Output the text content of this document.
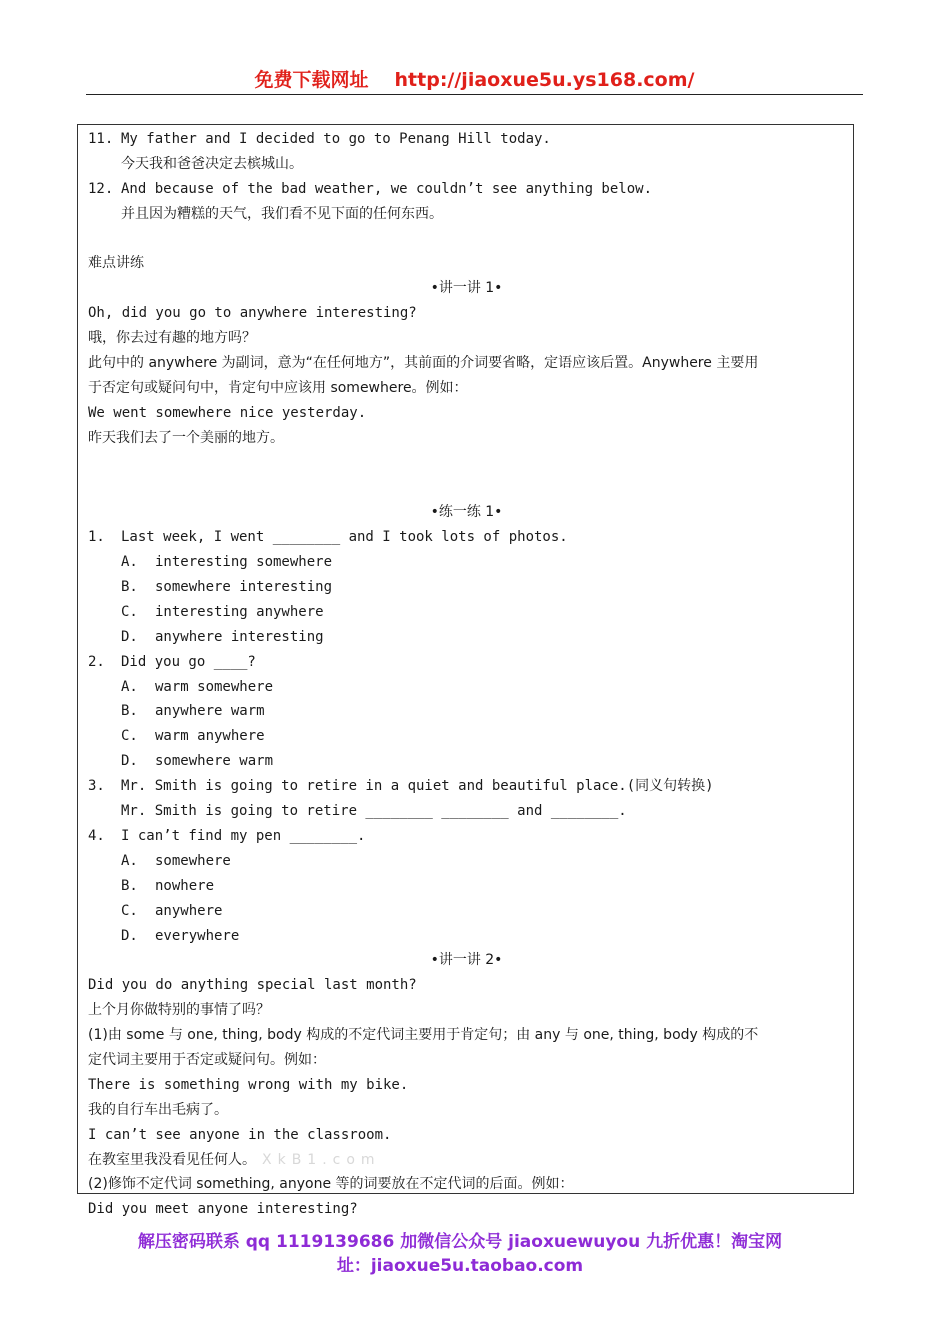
免费下载网址 http://jiaoxue5u.ys168.com/
11. My father and I decided to go to Penang Hill today.
今天我和爸爸决定去槟城山。
12. And because of the bad weather, we couldn’t see anything below.
并且因为糟糕的天气，我们看不见下面的任何东西。
难点讲练
•讲一讲 1•
Oh, did you go to anywhere interesting?
哦，你去过有趣的地方吗？
此句中的 anywhere 为副词，意为“在任何地方”，其前面的介词要省略，定语应该后置。Anywhere 主要用
于否定句或疑问句中，肯定句中应该用 somewhere。例如：
We went somewhere nice yesterday.
昨天我们去了一个美丽的地方。
•练一练 1•
1. Last week, I went ________ and I took lots of photos.
A. interesting somewhere
B. somewhere interesting
C. interesting anywhere
D. anywhere interesting
2. Did you go ____?
A. warm somewhere
B. anywhere warm
C. warm anywhere
D. somewhere warm
3. Mr. Smith is going to retire in a quiet and beautiful place.(同义句转换)
Mr. Smith is going to retire ________ ________ and ________.
4. I can’t find my pen ________.
A. somewhere
B. nowhere
C. anywhere
D. everywhere
•讲一讲 2•
Did you do anything special last month?
上个月你做特别的事情了吗？
(1)由 some 与 one, thing, body 构成的不定代词主要用于肯定句；由 any 与 one, thing, body 构成的不
定代词主要用于否定或疑问句。例如：
There is something wrong with my bike.
我的自行车出毛病了。
I can’t see anyone in the classroom.
在教室里我没看见任何人。 XkB1.com
(2)修饰不定代词 something, anyone 等的词要放在不定代词的后面。例如：
Did you meet anyone interesting?
解压密码联系 qq 1119139686 加微信公众号 jiaoxuewuyou 九折优惠！淘宝网
址：jiaoxue5u.taobao.com
